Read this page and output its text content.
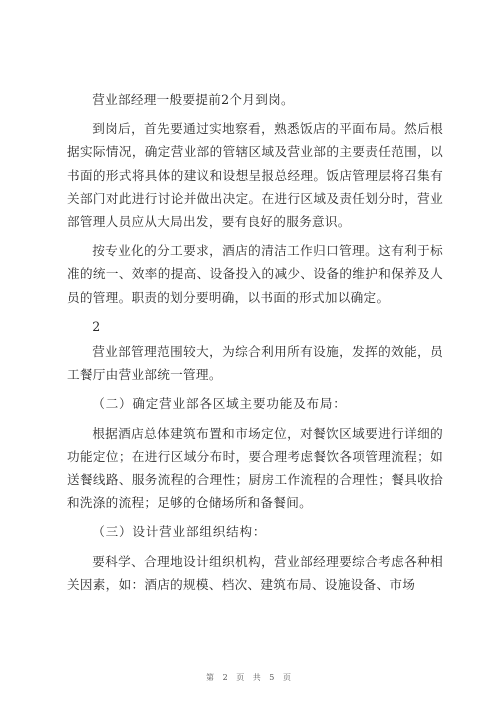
营业部经理一般要提前2个月到岗。

到岗后，首先要通过实地察看，熟悉饭店的平面布局。然后根据实际情况，确定营业部的管辖区域及营业部的主要责任范围，以书面的形式将具体的建议和设想呈报总经理。饭店管理层将召集有关部门对此进行讨论并做出决定。在进行区域及责任划分时，营业部管理人员应从大局出发，要有良好的服务意识。

按专业化的分工要求，酒店的清洁工作归口管理。这有利于标准的统一、效率的提高、设备投入的减少、设备的维护和保养及人员的管理。职责的划分要明确，以书面的形式加以确定。

2

营业部管理范围较大，为综合利用所有设施，发挥的效能，员工餐厅由营业部统一管理。

（二）确定营业部各区域主要功能及布局：

根据酒店总体建筑布置和市场定位，对餐饮区域要进行详细的功能定位；在进行区域分布时，要合理考虑餐饮各项管理流程；如送餐线路、服务流程的合理性；厨房工作流程的合理性；餐具收拾和洗涤的流程；足够的仓储场所和备餐间。

（三）设计营业部组织结构：

要科学、合理地设计组织机构，营业部经理要综合考虑各种相关因素，如：酒店的规模、档次、建筑布局、设施设备、市场

第 2 页 共 5 页
